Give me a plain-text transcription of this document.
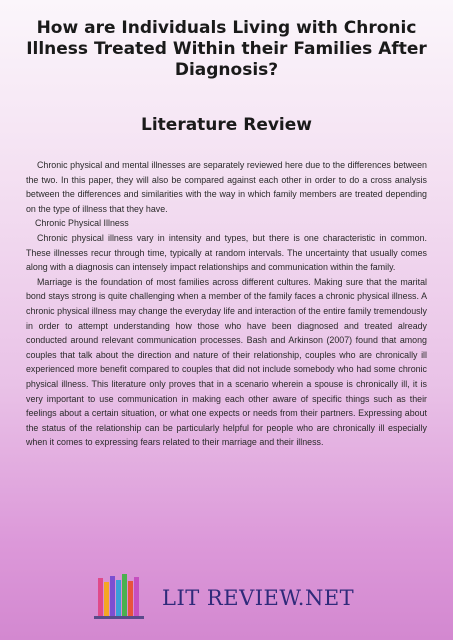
How are Individuals Living with Chronic
Illness Treated Within their Families After
Diagnosis?
Literature Review

Chronic physical and mental illnesses are separately reviewed here due to the differences between the two. In this paper, they will also be compared against each other in order to do a cross analysis between the differences and similarities with the way in which family members are treated depending on the type of illness that they have.

Chronic Physical Illness

Chronic physical illness vary in intensity and types, but there is one characteristic in common. These illnesses recur through time, typically at random intervals. The uncertainty that usually comes along with a diagnosis can intensely impact relationships and communication within the family.

Marriage is the foundation of most families across different cultures. Making sure that the marital bond stays strong is quite challenging when a member of the family faces a chronic physical illness. A chronic physical illness may change the everyday life and interaction of the entire family tremendously in order to attempt understanding how those who have been diagnosed and treated already conducted around relevant communication processes. Bash and Arkinson (2007) found that among couples that talk about the direction and nature of their relationship, couples who are chronically ill experienced more benefit compared to couples that did not include somebody who had some chronic physical illness. This literature only proves that in a scenario wherein a spouse is chronically ill, it is very important to use communication in making each other aware of specific things such as their feelings about a certain situation, or what one expects or needs from their partners. Expressing about the status of the relationship can be particularly helpful for people who are chronically ill especially when it comes to expressing fears related to their marriage and their illness.

LIT REVIEW.NET
